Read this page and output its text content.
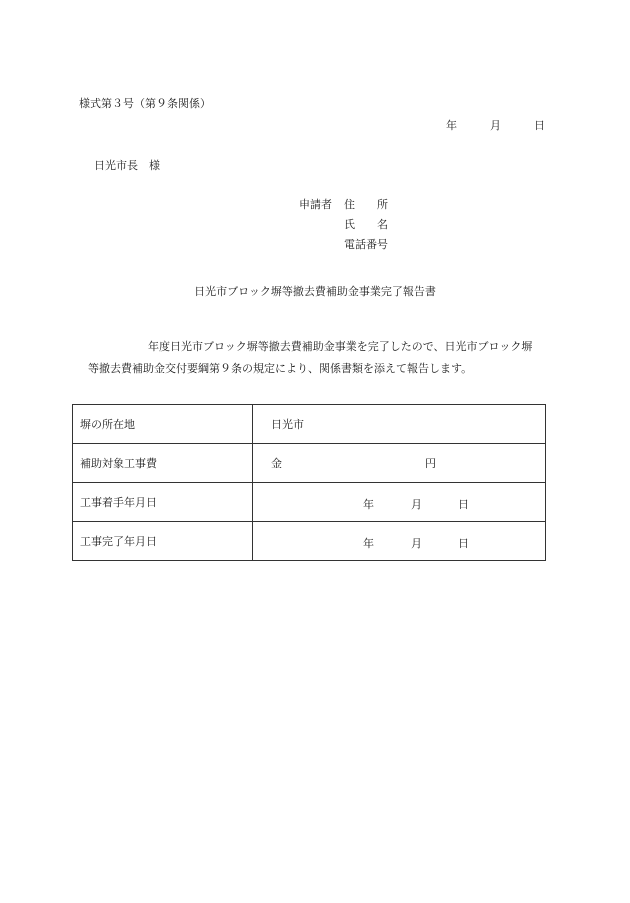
様式第３号（第９条関係）
年	月	日
日光市長　様
申請者 住　　所
氏　　名
電話番号
日光市ブロック塀等撤去費補助金事業完了報告書
年度日光市ブロック塀等撤去費補助金事業を完了したので、日光市ブロック塀
等撤去費補助金交付要綱第９条の規定により、関係書類を添えて報告します。
塀の所在地	日光市
補助対象工事費	金 円

工事着手年月日	年 月 日

工事完了年月日	年 月 日
